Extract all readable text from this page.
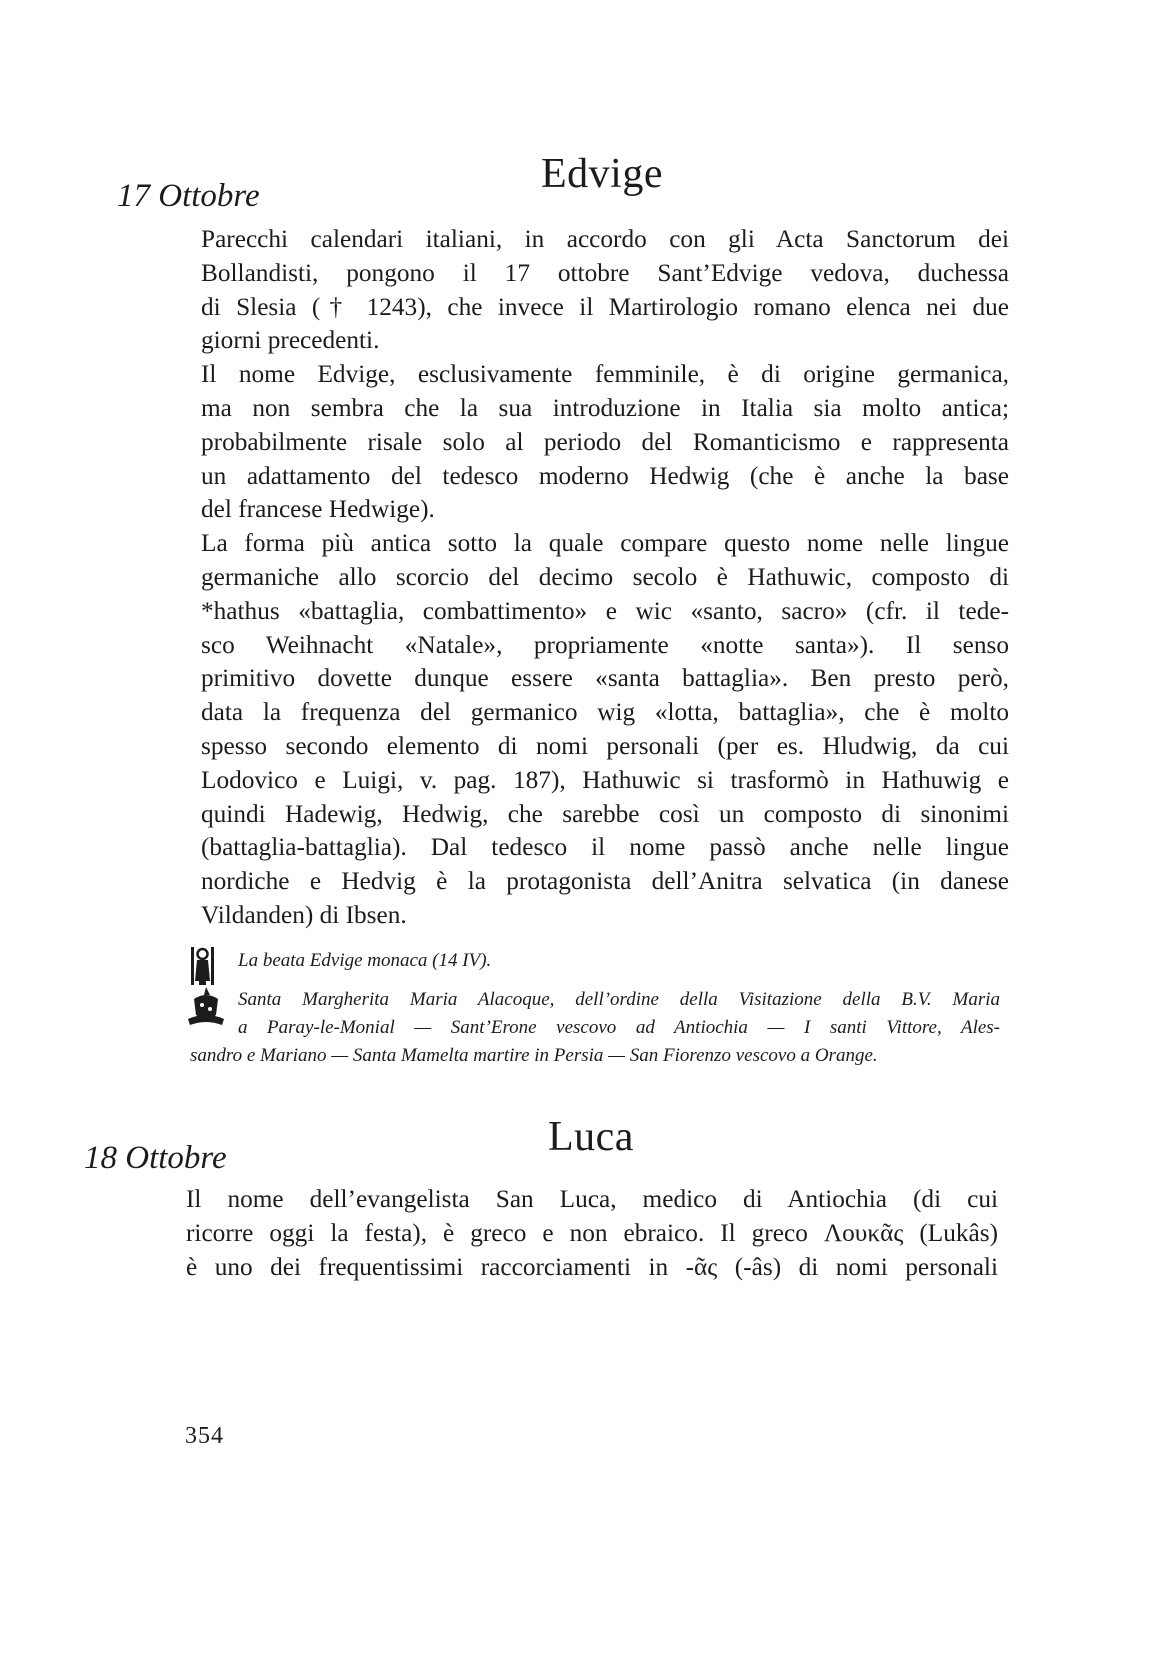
17 Ottobre	Edvige
Parecchi calendari italiani, in accordo con gli Acta Sanctorum dei
Bollandisti, pongono il 17 ottobre Sant’Edvige vedova, duchessa
di Slesia († 1243), che invece il Martirologio romano elenca nei due
giorni precedenti.
Il nome Edvige, esclusivamente femminile, è di origine germanica,
ma non sembra che la sua introduzione in Italia sia molto antica;
probabilmente risale solo al periodo del Romanticismo e rappresenta
un adattamento del tedesco moderno Hedwig (che è anche la base
del francese Hedwige).
La forma più antica sotto la quale compare questo nome nelle lingue
germaniche allo scorcio del decimo secolo è Hathuwic, composto di
*hathus «battaglia, combattimento» e wic «santo, sacro» (cfr. il tede-
sco Weihnacht «Natale», propriamente «notte santa»). Il senso
primitivo dovette dunque essere «santa battaglia». Ben presto però,
data la frequenza del germanico wig «lotta, battaglia», che è molto
spesso secondo elemento di nomi personali (per es. Hludwig, da cui
Lodovico e Luigi, v. pag. 187), Hathuwic si trasformò in Hathuwig e
quindi Hadewig, Hedwig, che sarebbe così un composto di sinonimi
(battaglia-battaglia). Dal tedesco il nome passò anche nelle lingue
nordiche e Hedvig è la protagonista dell’Anitra selvatica (in danese
Vildanden) di Ibsen.
La beata Edvige monaca (14 IV).
Santa Margherita Maria Alacoque, dell’ordine della Visitazione della B.V. Maria
a Paray-le-Monial — Sant’Erone vescovo ad Antiochia — I santi Vittore, Ales-
sandro e Mariano — Santa Mamelta martire in Persia — San Fiorenzo vescovo a Orange.
18 Ottobre	Luca
Il nome dell’evangelista San Luca, medico di Antiochia (di cui
ricorre oggi la festa), è greco e non ebraico. Il greco Λουκᾶς (Lukâs)
è uno dei frequentissimi raccorciamenti in -ᾶς (-âs) di nomi personali
354
